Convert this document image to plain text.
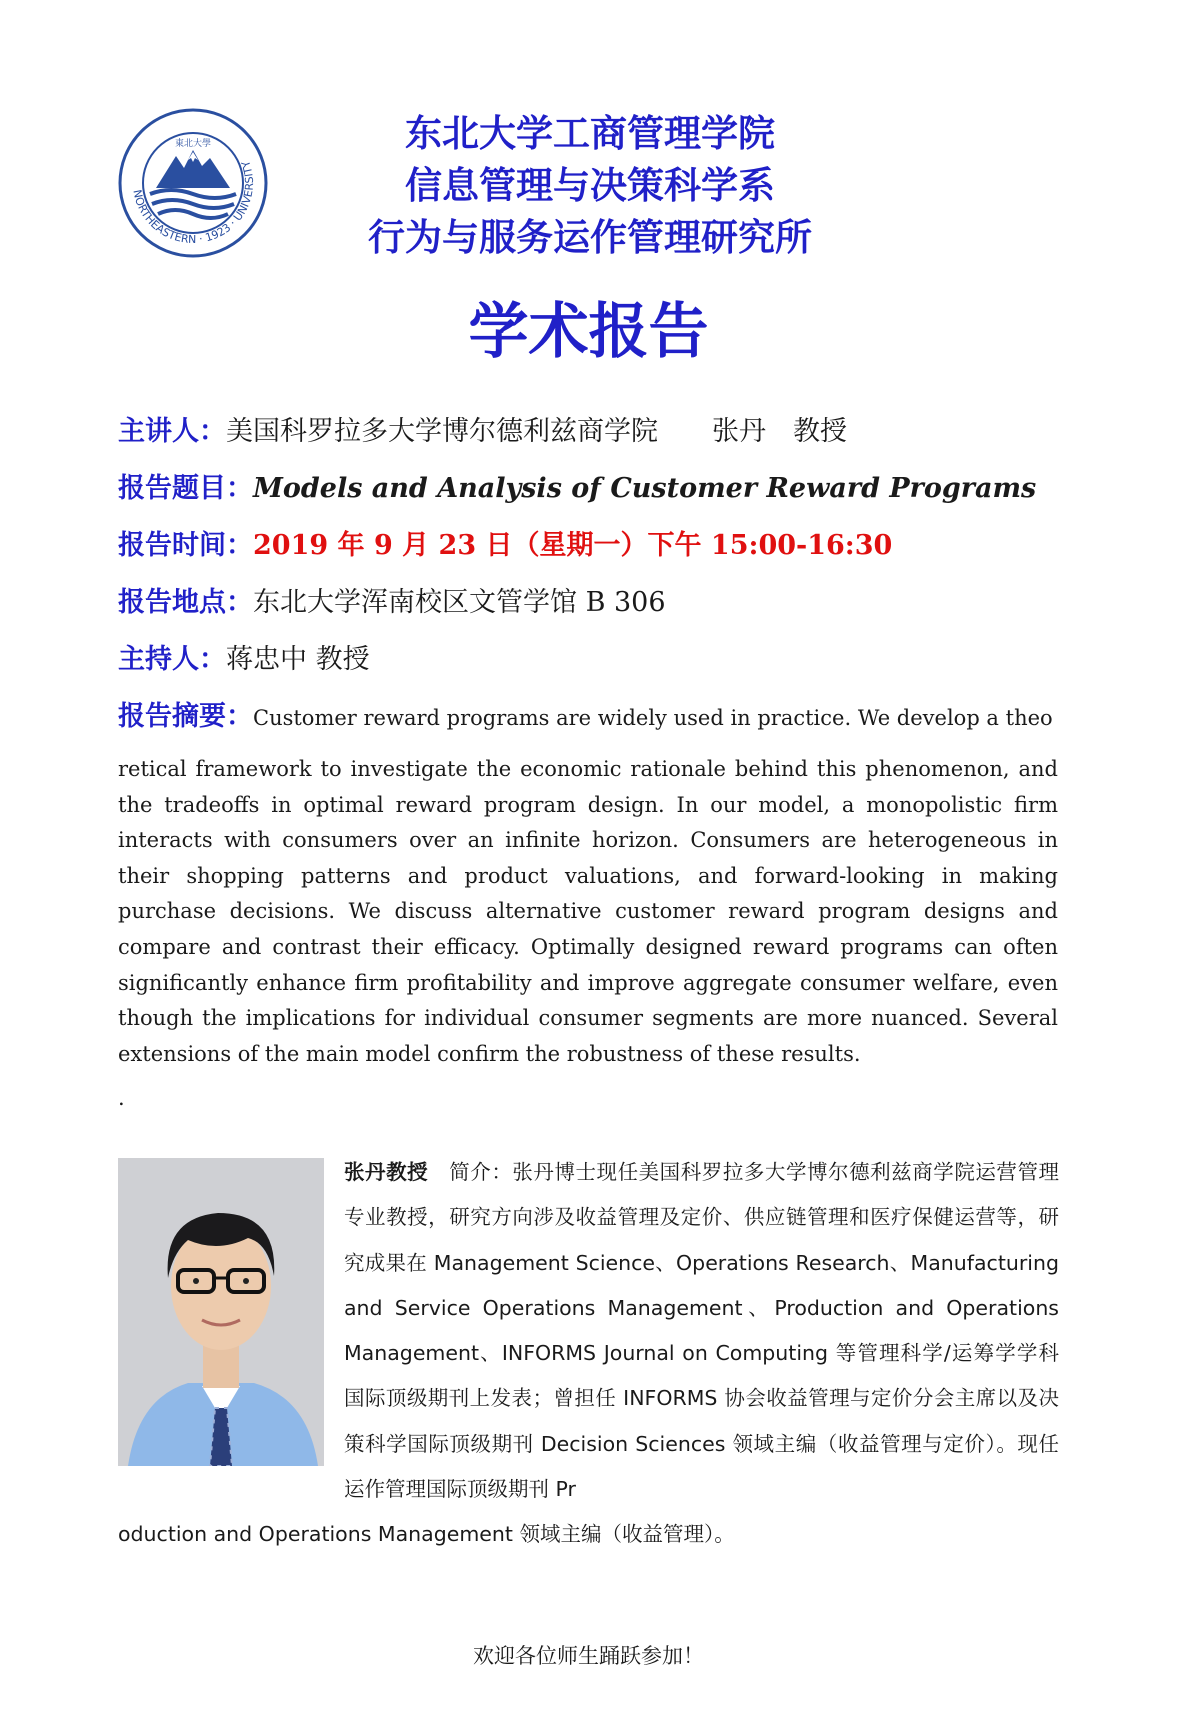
NORTHEASTERN · 1923 · UNIVERSITY
東北大學	东北大学工商管理学院
信息管理与决策科学系
行为与服务运作管理研究所
学术报告
主讲人：美国科罗拉多大学博尔德利兹商学院　　张丹　教授
报告题目：Models and Analysis of Customer Reward Programs
报告时间：2019 年 9 月 23 日（星期一）下午 15:00-16:30
报告地点：东北大学浑南校区文管学馆 B 306
主持人：蒋忠中 教授
报告摘要：Customer reward programs are widely used in practice. We develop a theo
retical framework to investigate the economic rationale behind this phenomenon, and the tradeoffs in optimal reward program design. In our model, a monopolistic firm interacts with consumers over an infinite horizon. Consumers are heterogeneous in their shopping patterns and product valuations, and forward-looking in making purchase decisions. We discuss alternative customer reward program designs and compare and contrast their efficacy. Optimally designed reward programs can often significantly enhance firm profitability and improve aggregate consumer welfare, even though the implications for individual consumer segments are more nuanced. Several extensions of the main model confirm the robustness of these results.
.
张丹教授　简介：张丹博士现任美国科罗拉多大学博尔德利兹商学院运营管理专业教授，研究方向涉及收益管理及定价、供应链管理和医疗保健运营等，研究成果在 Management Science、Operations Research、Manufacturing and Service Operations Management、Production and Operations Management、INFORMS Journal on Computing 等管理科学/运筹学学科国际顶级期刊上发表；曾担任 INFORMS 协会收益管理与定价分会主席以及决策科学国际顶级期刊 Decision Sciences 领域主编（收益管理与定价）。现任运作管理国际顶级期刊 Pr
oduction and Operations Management 领域主编（收益管理）。
欢迎各位师生踊跃参加！
